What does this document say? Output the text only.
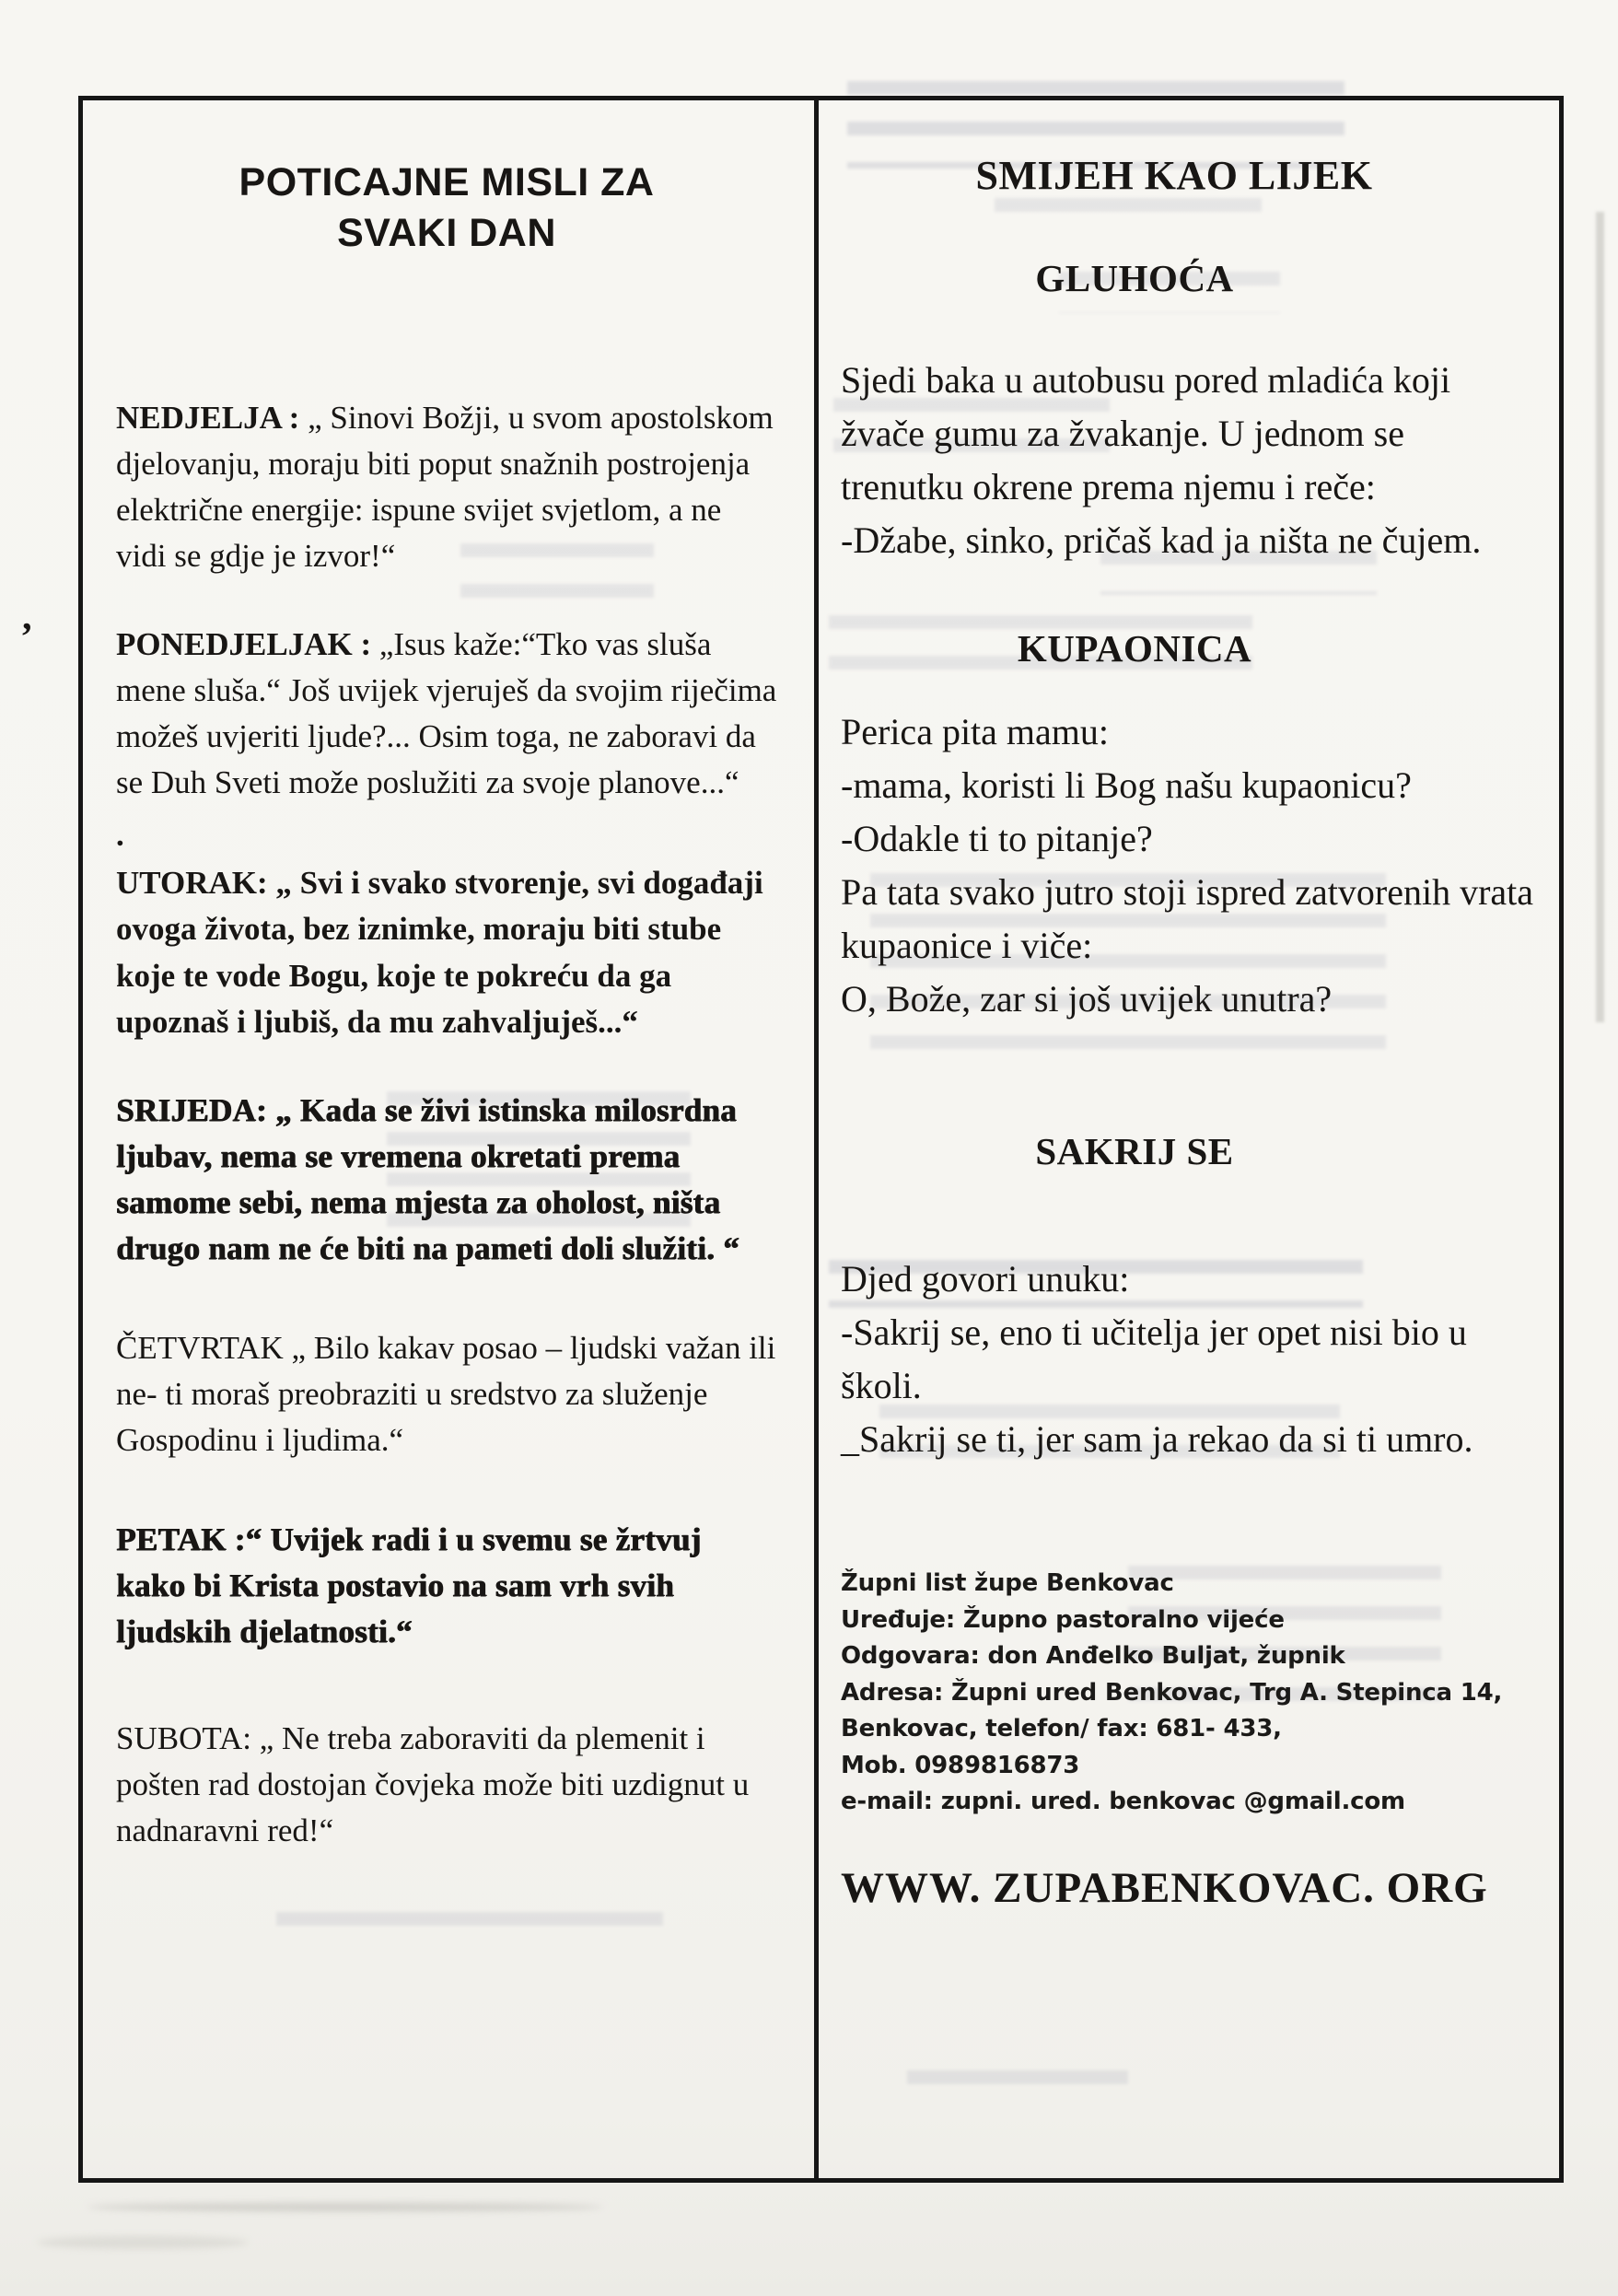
’
POTICAJNE MISLI ZA SVAKI DAN

NEDJELJA : „ Sinovi Božji, u svom apostolskom djelovanju, moraju biti poput snažnih postrojenja električne energije: ispune svijet svjetlom, a ne vidi se gdje je izvor!“

PONEDJELJAK : „Isus kaže:“Tko vas sluša mene sluša.“ Još uvijek vjeruješ da svojim riječima možeš uvjeriti ljude?... Osim toga, ne zaboravi da se Duh Sveti može poslužiti za svoje planove...“

.

UTORAK: „ Svi i svako stvorenje, svi događaji ovoga života, bez iznimke, moraju biti stube koje te vode Bogu, koje te pokreću da ga upoznaš i ljubiš, da mu zahvaljuješ...“

SRIJEDA: „ Kada se živi istinska milosrdna ljubav, nema se vremena okretati prema samome sebi, nema mjesta za oholost, ništa drugo nam ne će biti na pameti doli služiti. “

ČETVRTAK „ Bilo kakav posao – ljudski važan ili ne- ti moraš preobraziti u sredstvo za služenje Gospodinu i ljudima.“

PETAK :“ Uvijek radi i u svemu se žrtvuj kako bi Krista postavio na sam vrh svih ljudskih djelatnosti.“

SUBOTA: „ Ne treba zaboraviti da plemenit i pošten rad dostojan čovjeka može biti uzdignut u nadnaravni red!“

SMIJEH KAO LIJEK
GLUHOĆA

Sjedi baka u autobusu pored mladića koji žvače gumu za žvakanje. U jednom se trenutku okrene prema njemu i reče:

-Džabe, sinko, pričaš kad ja ništa ne čujem.

KUPAONICA

Perica pita mamu:

-mama, koristi li Bog našu kupaonicu?

-Odakle ti to pitanje?

Pa tata svako jutro stoji ispred zatvorenih vrata kupaonice i viče:

O, Bože, zar si još uvijek unutra?

SAKRIJ SE

Djed govori unuku:

-Sakrij se, eno ti učitelja jer opet nisi bio u školi.

_Sakrij se ti, jer sam ja rekao da si ti umro.

Župni list župe Benkovac
Uređuje: Župno pastoralno vijeće
Odgovara: don Anđelko Buljat, župnik
Adresa: Župni ured Benkovac, Trg A. Stepinca 14,
Benkovac, telefon/ fax: 681- 433,
Mob. 0989816873
e-mail: zupni. ured. benkovac @gmail.com
WWW. ZUPABENKOVAC. ORG
